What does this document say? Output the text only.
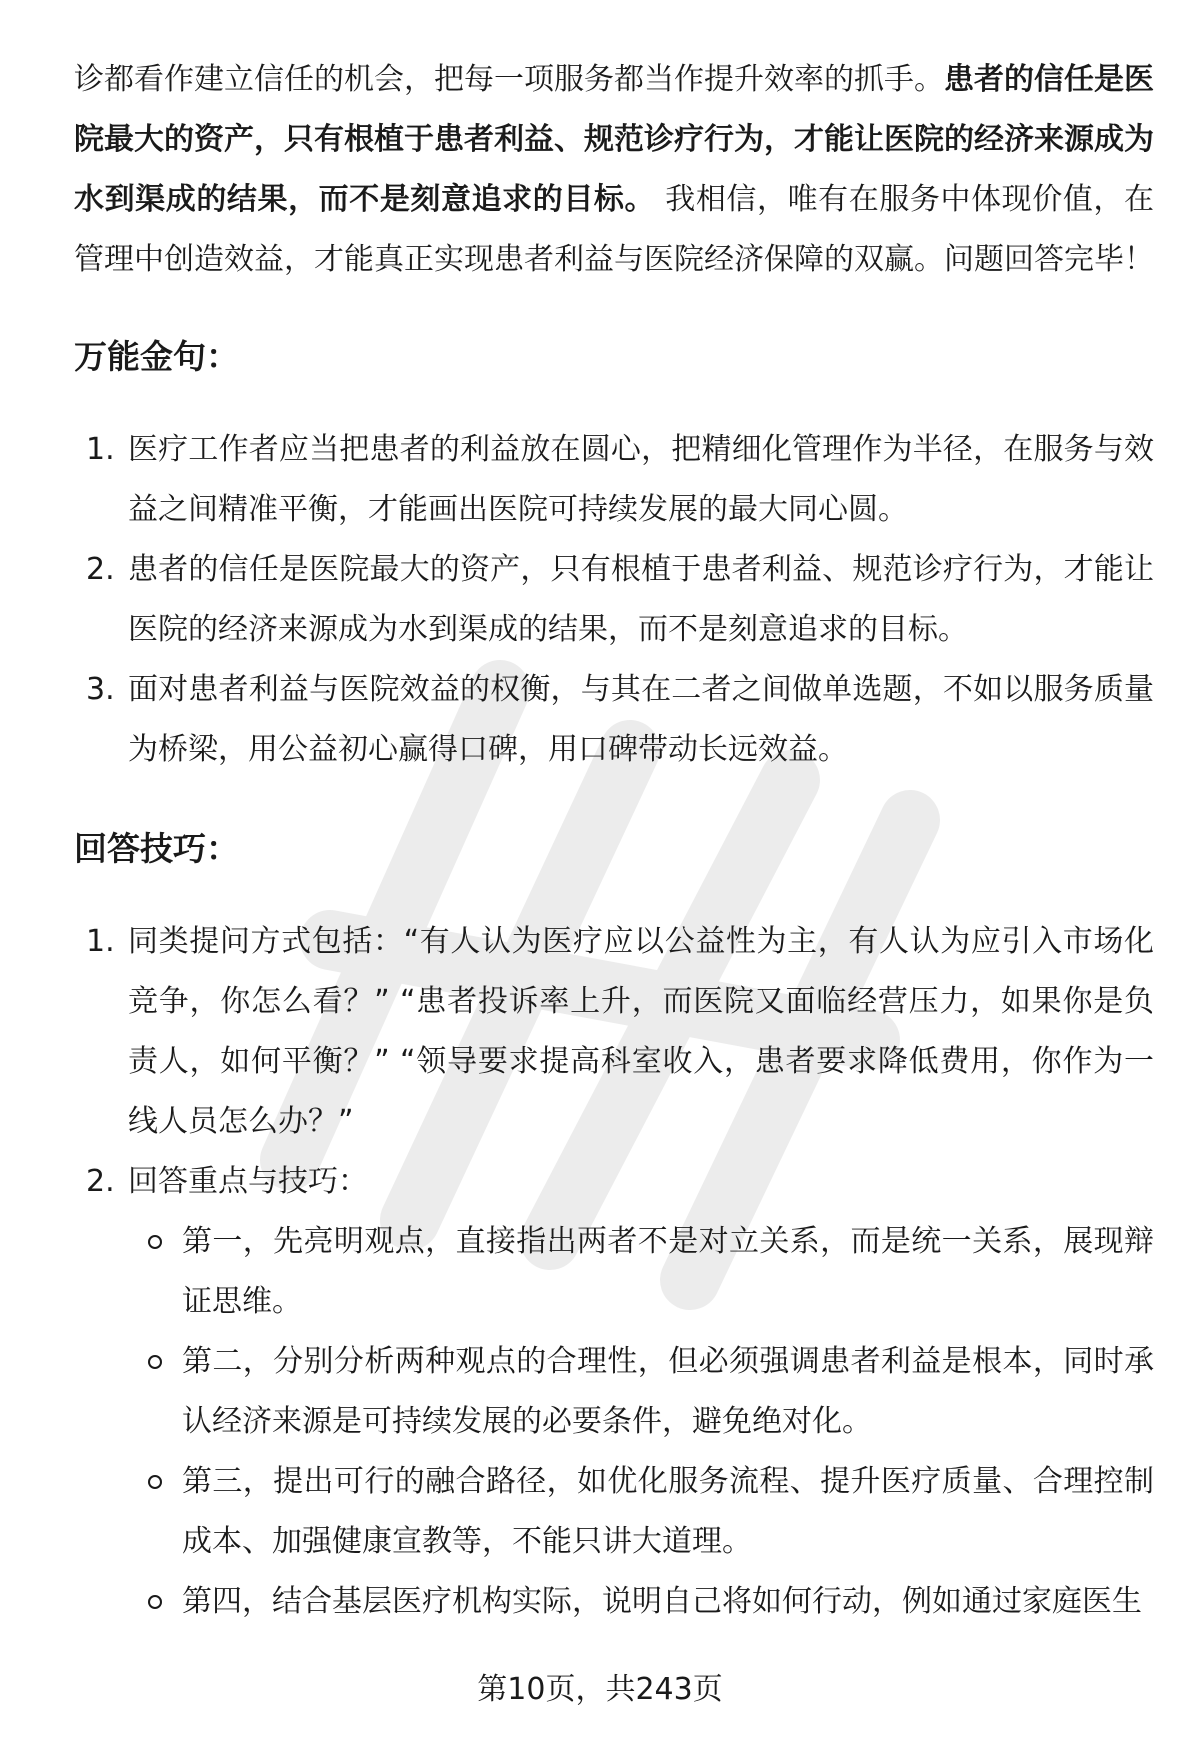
诊都看作建立信任的机会，把每一项服务都当作提升效率的抓手。患者的信任是医院最大的资产，只有根植于患者利益、规范诊疗行为，才能让医院的经济来源成为水到渠成的结果，而不是刻意追求的目标。 我相信，唯有在服务中体现价值，在管理中创造效益，才能真正实现患者利益与医院经济保障的双赢。问题回答完毕！

万能金句：
1. 医疗工作者应当把患者的利益放在圆心，把精细化管理作为半径，在服务与效益之间精准平衡，才能画出医院可持续发展的最大同心圆。
2. 患者的信任是医院最大的资产，只有根植于患者利益、规范诊疗行为，才能让医院的经济来源成为水到渠成的结果，而不是刻意追求的目标。
3. 面对患者利益与医院效益的权衡，与其在二者之间做单选题，不如以服务质量为桥梁，用公益初心赢得口碑，用口碑带动长远效益。
回答技巧：
1. 同类提问方式包括：“有人认为医疗应以公益性为主，有人认为应引入市场化竞争，你怎么看？” “患者投诉率上升，而医院又面临经营压力，如果你是负责人，如何平衡？” “领导要求提高科室收入，患者要求降低费用，你作为一线人员怎么办？”
2. 回答重点与技巧：
第一，先亮明观点，直接指出两者不是对立关系，而是统一关系，展现辩证思维。
第二，分别分析两种观点的合理性，但必须强调患者利益是根本，同时承认经济来源是可持续发展的必要条件，避免绝对化。
第三，提出可行的融合路径，如优化服务流程、提升医疗质量、合理控制成本、加强健康宣教等，不能只讲大道理。
第四，结合基层医疗机构实际，说明自己将如何行动，例如通过家庭医生
第10页，共243页
